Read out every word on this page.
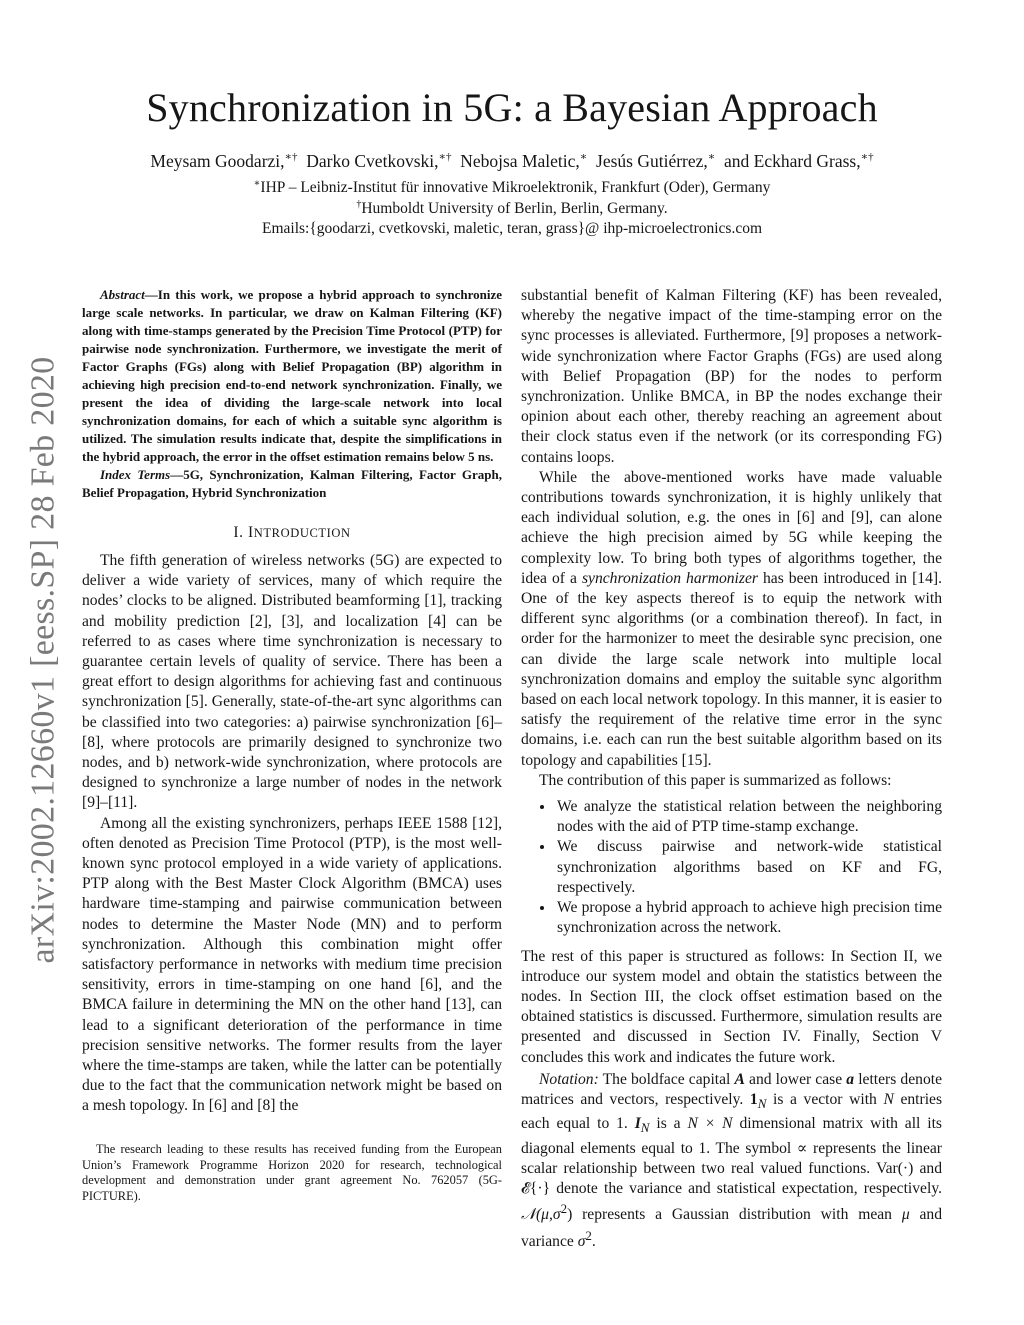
arXiv:2002.12660v1 [eess.SP] 28 Feb 2020
Synchronization in 5G: a Bayesian Approach
Meysam Goodarzi,∗† Darko Cvetkovski,∗† Nebojsa Maletic,∗ Jesús Gutiérrez,∗ and Eckhard Grass,∗†
∗IHP – Leibniz-Institut für innovative Mikroelektronik, Frankfurt (Oder), Germany
†Humboldt University of Berlin, Berlin, Germany.
Emails:{goodarzi, cvetkovski, maletic, teran, grass}@ ihp-microelectronics.com

Abstract—In this work, we propose a hybrid approach to synchronize large scale networks. In particular, we draw on Kalman Filtering (KF) along with time-stamps generated by the Precision Time Protocol (PTP) for pairwise node synchronization. Furthermore, we investigate the merit of Factor Graphs (FGs) along with Belief Propagation (BP) algorithm in achieving high precision end-to-end network synchronization. Finally, we present the idea of dividing the large-scale network into local synchronization domains, for each of which a suitable sync algorithm is utilized. The simulation results indicate that, despite the simplifications in the hybrid approach, the error in the offset estimation remains below 5 ns.

Index Terms—5G, Synchronization, Kalman Filtering, Factor Graph, Belief Propagation, Hybrid Synchronization

I. INTRODUCTION

The fifth generation of wireless networks (5G) are expected to deliver a wide variety of services, many of which require the nodes’ clocks to be aligned. Distributed beamforming [1], tracking and mobility prediction [2], [3], and localization [4] can be referred to as cases where time synchronization is necessary to guarantee certain levels of quality of service. There has been a great effort to design algorithms for achieving fast and continuous synchronization [5]. Generally, state-of-the-art sync algorithms can be classified into two categories: a) pairwise synchronization [6]–[8], where protocols are primarily designed to synchronize two nodes, and b) network-wide synchronization, where protocols are designed to synchronize a large number of nodes in the network [9]–[11].

Among all the existing synchronizers, perhaps IEEE 1588 [12], often denoted as Precision Time Protocol (PTP), is the most well-known sync protocol employed in a wide variety of applications. PTP along with the Best Master Clock Algorithm (BMCA) uses hardware time-stamping and pairwise communication between nodes to determine the Master Node (MN) and to perform synchronization. Although this combination might offer satisfactory performance in networks with medium time precision sensitivity, errors in time-stamping on one hand [6], and the BMCA failure in determining the MN on the other hand [13], can lead to a significant deterioration of the performance in time precision sensitive networks. The former results from the layer where the time-stamps are taken, while the latter can be potentially due to the fact that the communication network might be based on a mesh topology. In [6] and [8] the

The research leading to these results has received funding from the European Union’s Framework Programme Horizon 2020 for research, technological development and demonstration under grant agreement No. 762057 (5G-PICTURE).

substantial benefit of Kalman Filtering (KF) has been revealed, whereby the negative impact of the time-stamping error on the sync processes is alleviated. Furthermore, [9] proposes a network-wide synchronization where Factor Graphs (FGs) are used along with Belief Propagation (BP) for the nodes to perform synchronization. Unlike BMCA, in BP the nodes exchange their opinion about each other, thereby reaching an agreement about their clock status even if the network (or its corresponding FG) contains loops.

While the above-mentioned works have made valuable contributions towards synchronization, it is highly unlikely that each individual solution, e.g. the ones in [6] and [9], can alone achieve the high precision aimed by 5G while keeping the complexity low. To bring both types of algorithms together, the idea of a synchronization harmonizer has been introduced in [14]. One of the key aspects thereof is to equip the network with different sync algorithms (or a combination thereof). In fact, in order for the harmonizer to meet the desirable sync precision, one can divide the large scale network into multiple local synchronization domains and employ the suitable sync algorithm based on each local network topology. In this manner, it is easier to satisfy the requirement of the relative time error in the sync domains, i.e. each can run the best suitable algorithm based on its topology and capabilities [15].

The contribution of this paper is summarized as follows:

• We analyze the statistical relation between the neighboring nodes with the aid of PTP time-stamp exchange.
• We discuss pairwise and network-wide statistical synchronization algorithms based on KF and FG, respectively.
• We propose a hybrid approach to achieve high precision time synchronization across the network.

The rest of this paper is structured as follows: In Section II, we introduce our system model and obtain the statistics between the nodes. In Section III, the clock offset estimation based on the obtained statistics is discussed. Furthermore, simulation results are presented and discussed in Section IV. Finally, Section V concludes this work and indicates the future work.

Notation: The boldface capital A and lower case a letters denote matrices and vectors, respectively. $1_N$ is a vector with N entries each equal to 1. $I_N$ is a N × N dimensional matrix with all its diagonal elements equal to 1. The symbol ∝ represents the linear scalar relationship between two real valued functions. Var(·) and 𝓔{·} denote the variance and statistical expectation, respectively. $𝒩(\mu,\sigma^2)$ represents a Gaussian distribution with mean μ and variance $\sigma^2$.
